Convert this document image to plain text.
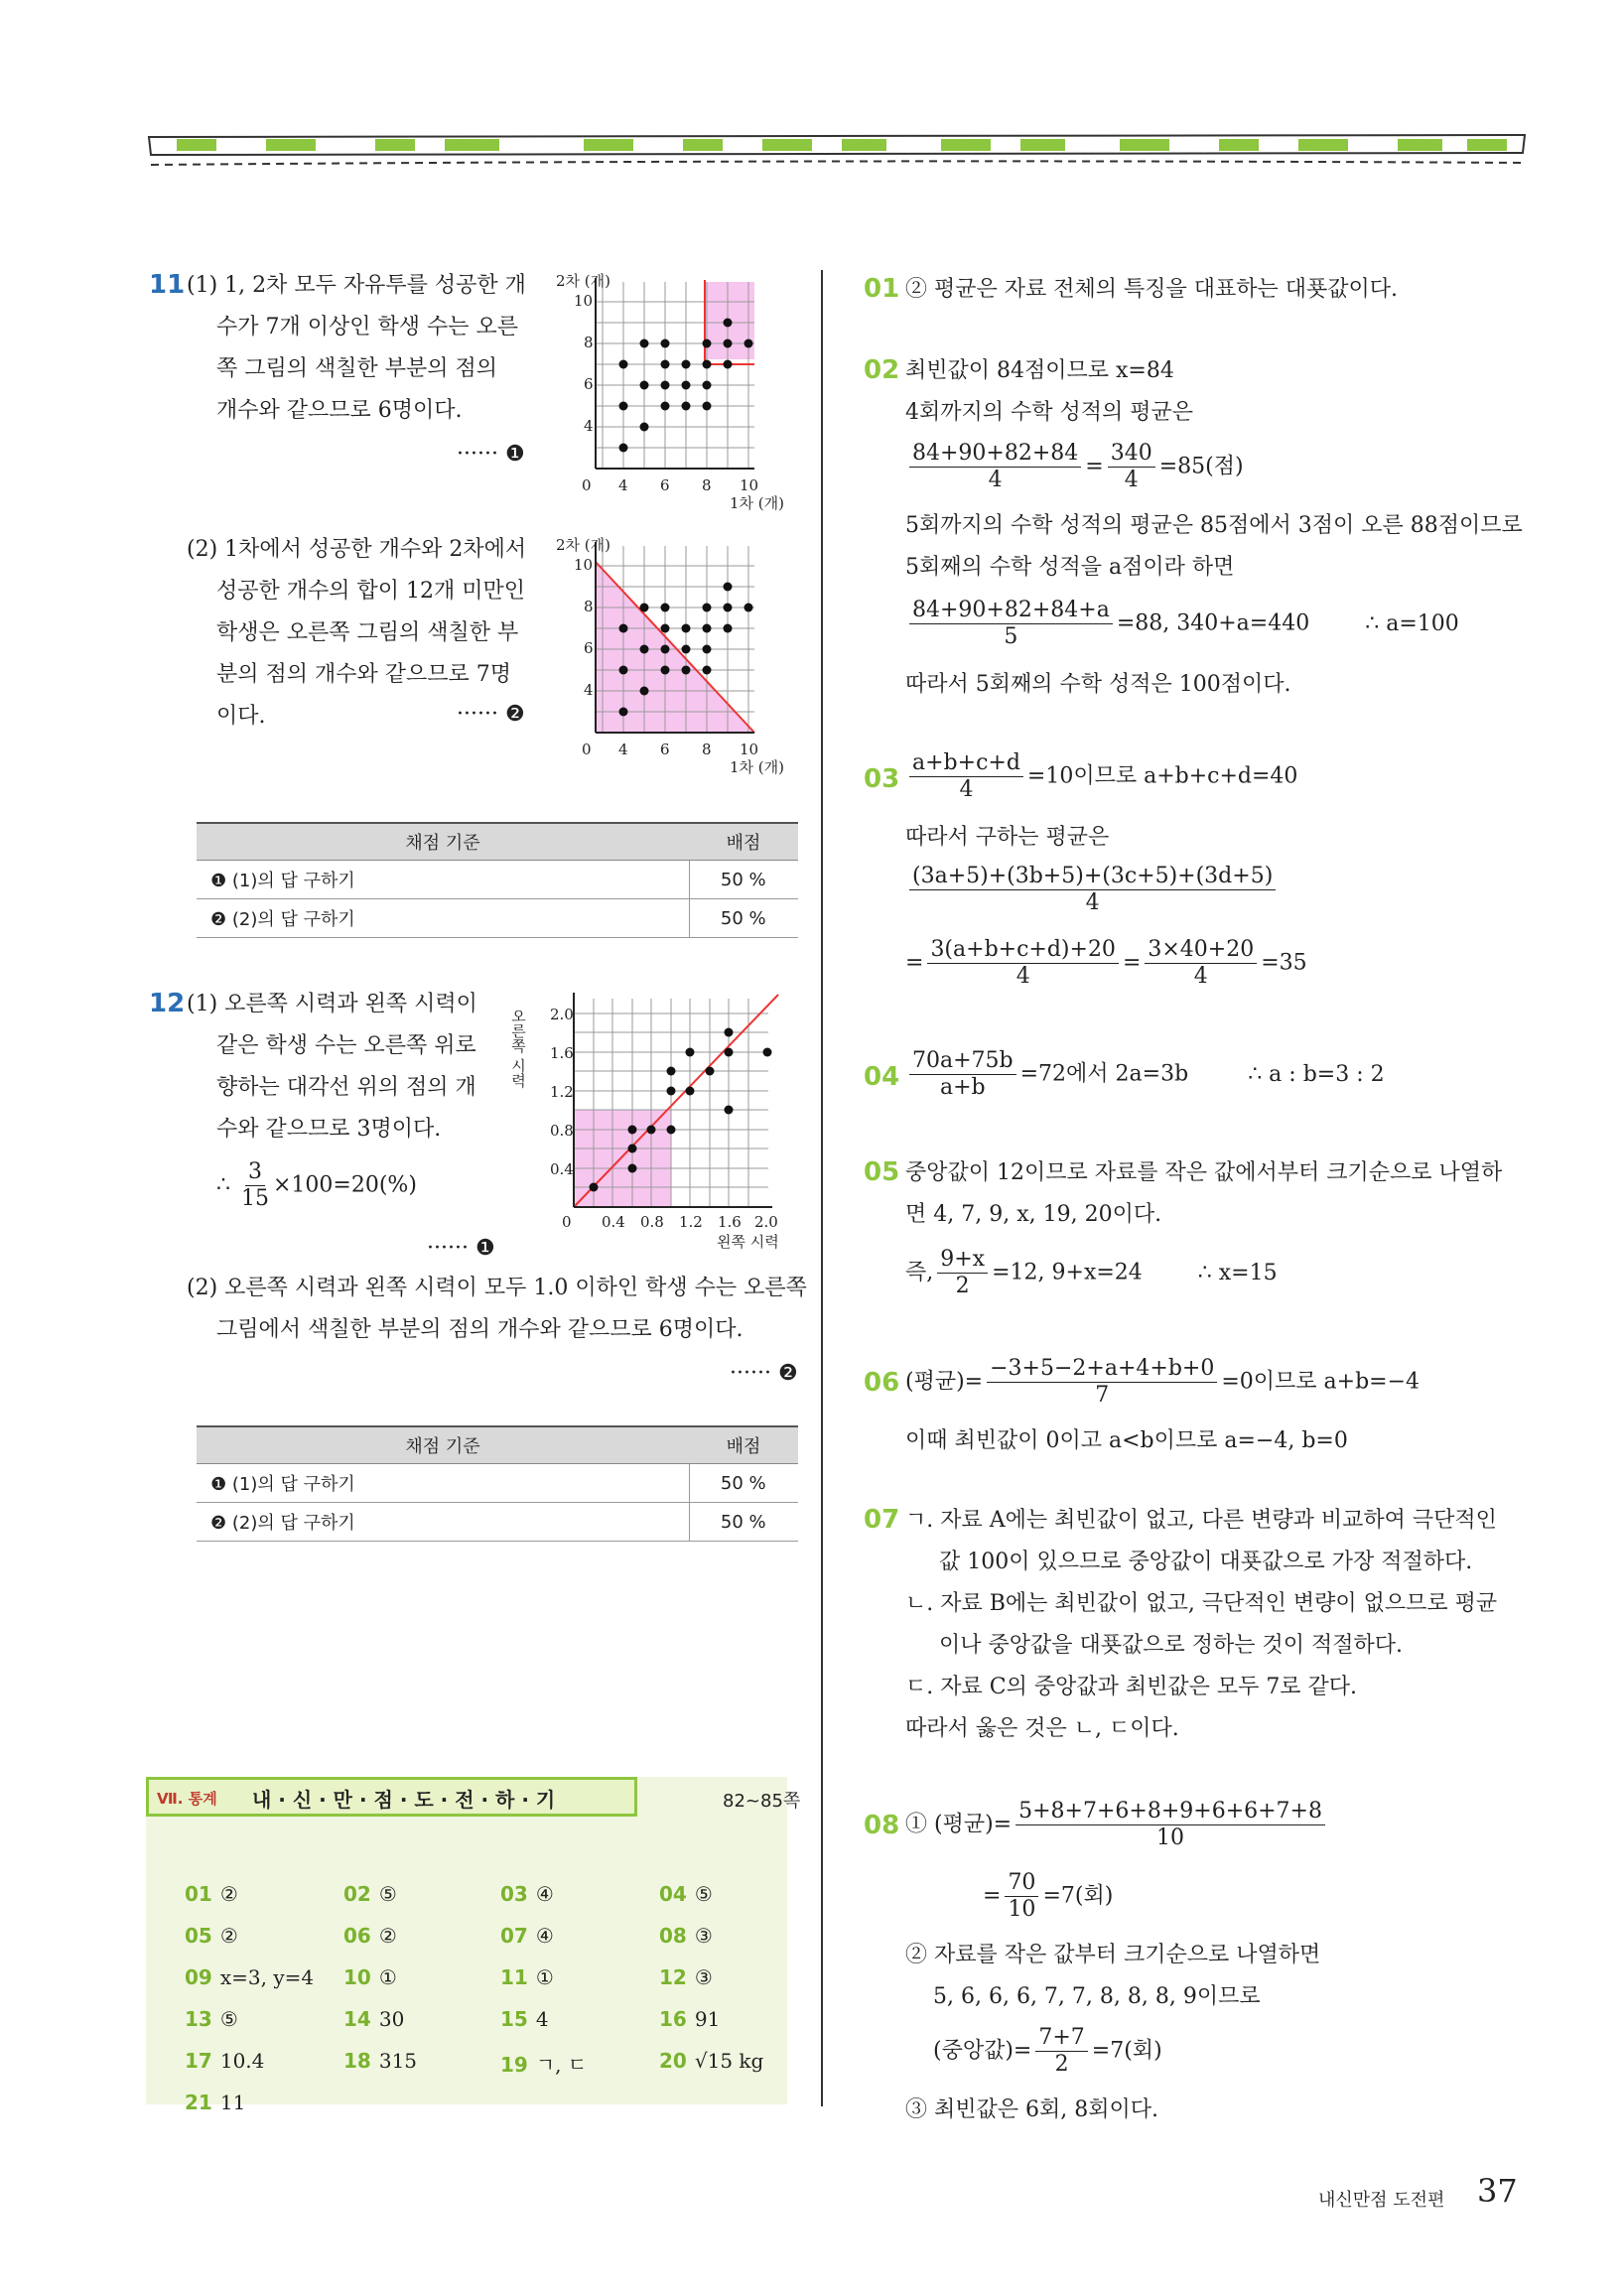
11 (1) 1, 2차 모두 자유투를 성공한 개
수가 7개 이상인 학생 수는 오른
쪽 그림의 색칠한 부분의 점의
개수와 같으므로 6명이다.
······ ❶
(2) 1차에서 성공한 개수와 2차에서
성공한 개수의 합이 12개 미만인
학생은 오른쪽 그림의 색칠한 부
분의 점의 개수와 같으므로 7명
이다.	······ ❷
2차 (개)
10
8
6
4
0 4 6 8 10
1차 (개)
2차 (개)
10
8
6
4
0 4 6 8 10
1차 (개)
채점 기준	배점
❶ (1)의 답 구하기	50 %
❷ (2)의 답 구하기	50 %
12 (1) 오른쪽 시력과 왼쪽 시력이
같은 학생 수는 오른쪽 위로
향하는 대각선 위의 점의 개
수와 같으므로 3명이다.
∴ $\frac{3}{15} \times 100=20(\%)$
······ ❶
(2) 오른쪽 시력과 왼쪽 시력이 모두 1.0 이하인 학생 수는 오른쪽
그림에서 색칠한 부분의 점의 개수와 같으므로 6명이다.
······ ❷
오른쪽 시력 2.0
1.6
1.2
0.8
0.4
0 0.4 0.8 1.2 1.6 2.0
왼쪽 시력
채점 기준	배점
❶ (1)의 답 구하기	50 %
❷ (2)의 답 구하기	50 %
Ⅶ. 통계 내 · 신 · 만 · 점 · 도 · 전 · 하 · 기	82~85쪽
01 ②	02 ⑤	03 ④	04 ⑤
05 ②	06 ②	07 ④	08 ③
09 x=3, y=4 10 ①	11 ①	12 ③
13 ⑤	14 30	15 4	16 91
17 10.4	18 315	19 ㄱ, ㄷ	20 √15 kg
21 11
01 ② 평균은 자료 전체의 특징을 대표하는 대푯값이다.
02 최빈값이 84점이므로 x=84
4회까지의 수학 성적의 평균은
$\frac{84+90+82+84}{4} = \frac{340}{4} =85$(점)
5회까지의 수학 성적의 평균은 85점에서 3점이 오른 88점이므로
5회째의 수학 성적을 a점이라 하면
$\frac{84+90+82+84+a}{5} =88$, 340+a=440	∴ a=100
따라서 5회째의 수학 성적은 100점이다.
$03 \frac{a+b+c+d}{4} =10$이므로 a+b+c+d=40
따라서 구하는 평균은
$\frac{(3a+5)+(3b+5)+(3c+5)+(3d+5)}{4}$
= $\frac{3(a+b+c+d)+20}{4} = \frac{3\times 40+20}{4} =35$
$04 \frac{70a+75b}{a+b} =72$에서 2a=3b	∴ a : b=3 : 2
05 중앙값이 12이므로 자료를 작은 값에서부터 크기순으로 나열하
면 4, 7, 9, x, 19, 20이다.
즉, $\frac{9+x}{2} =12$, 9+x=24	∴ x=15
06 (평균)= $\frac{-3+5-2+a+4+b+0}{7} =0$이므로 a+b=−4
이때 최빈값이 0이고 a<b이므로 a=−4, b=0
07 ㄱ. 자료 A에는 최빈값이 없고, 다른 변량과 비교하여 극단적인
값 100이 있으므로 중앙값이 대푯값으로 가장 적절하다.
ㄴ. 자료 B에는 최빈값이 없고, 극단적인 변량이 없으므로 평균
이나 중앙값을 대푯값으로 정하는 것이 적절하다.
ㄷ. 자료 C의 중앙값과 최빈값은 모두 7로 같다.
따라서 옳은 것은 ㄴ, ㄷ이다.
08 ① (평균)= $\frac{5+8+7+6+8+9+6+6+7+8}{10}$
= $\frac{70}{10} =7$(회)
② 자료를 작은 값부터 크기순으로 나열하면
5, 6, 6, 6, 7, 7, 8, 8, 8, 9이므로
(중앙값)= $\frac{7+7}{2} =7$(회)
③ 최빈값은 6회, 8회이다.
내신만점 도전편 37
